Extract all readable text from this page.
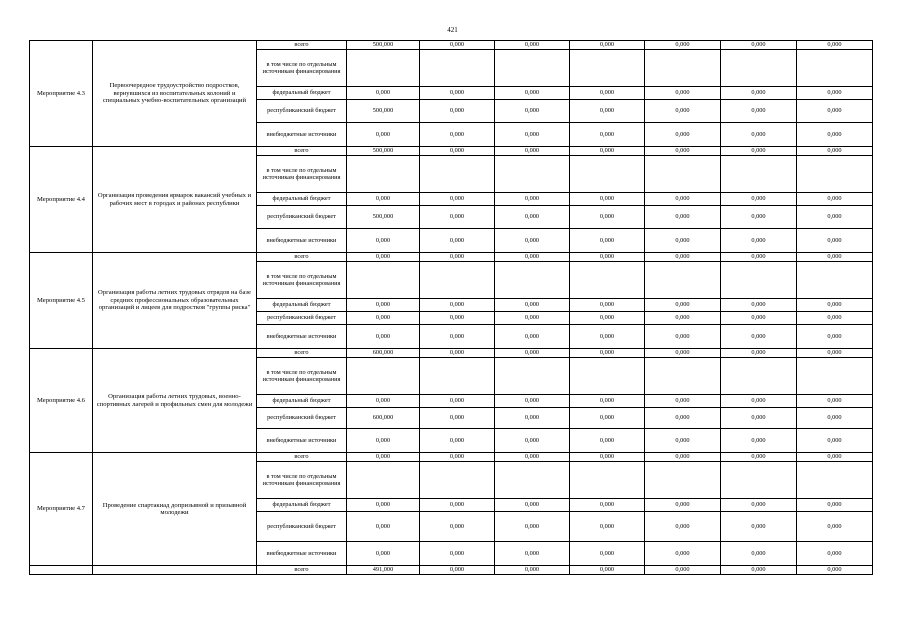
421
Мероприятие 4.3	Первоочередное трудоустройство подростков, вернувшихся из воспитательных колоний и специальных учебно-воспитательных организаций	всего	500,000	0,000	0,000	0,000	0,000	0,000	0,000
		в том числе по отдельным источникам финансирования							
		федеральный бюджет	0,000	0,000	0,000	0,000	0,000	0,000	0,000
		республиканский бюджет	500,000	0,000	0,000	0,000	0,000	0,000	0,000
		внебюджетные источники	0,000	0,000	0,000	0,000	0,000	0,000	0,000
Мероприятие 4.4	Организация проведения ярмарок вакансий учебных и рабочих мест в городах и районах республики	всего	500,000	0,000	0,000	0,000	0,000	0,000	0,000
		в том числе по отдельным источникам финансирования							
		федеральный бюджет	0,000	0,000	0,000	0,000	0,000	0,000	0,000
		республиканский бюджет	500,000	0,000	0,000	0,000	0,000	0,000	0,000
		внебюджетные источники	0,000	0,000	0,000	0,000	0,000	0,000	0,000
Мероприятие 4.5	Организация работы летних трудовых отрядов на базе средних профессиональных образовательных организаций и лицеев для подростков "группы риска"	всего	0,000	0,000	0,000	0,000	0,000	0,000	0,000
		в том числе по отдельным источникам финансирования							
		федеральный бюджет	0,000	0,000	0,000	0,000	0,000	0,000	0,000
		республиканский бюджет	0,000	0,000	0,000	0,000	0,000	0,000	0,000
		внебюджетные источники	0,000	0,000	0,000	0,000	0,000	0,000	0,000
Мероприятие 4.6	Организация работы летних трудовых, военно-спортивных лагерей и профильных смен для молодежи	всего	600,000	0,000	0,000	0,000	0,000	0,000	0,000
		в том числе по отдельным источникам финансирования							
		федеральный бюджет	0,000	0,000	0,000	0,000	0,000	0,000	0,000
		республиканский бюджет	600,000	0,000	0,000	0,000	0,000	0,000	0,000
		внебюджетные источники	0,000	0,000	0,000	0,000	0,000	0,000	0,000
Мероприятие 4.7	Проведение спартакиад допризывной и призывной молодежи	всего	0,000	0,000	0,000	0,000	0,000	0,000	0,000
		в том числе по отдельным источникам финансирования							
		федеральный бюджет	0,000	0,000	0,000	0,000	0,000	0,000	0,000
		республиканский бюджет	0,000	0,000	0,000	0,000	0,000	0,000	0,000
		внебюджетные источники	0,000	0,000	0,000	0,000	0,000	0,000	0,000
		всего	491,000	0,000	0,000	0,000	0,000	0,000	0,000
